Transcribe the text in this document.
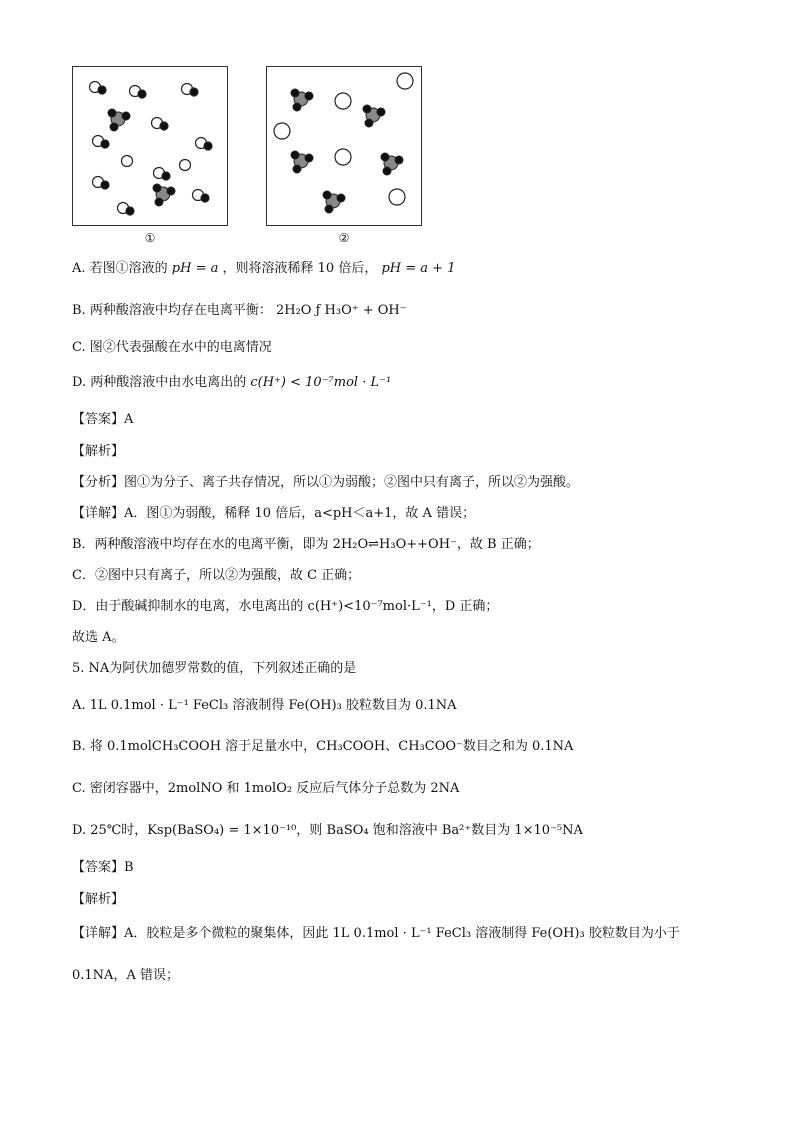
①	②
A. 若图①溶液的 pH = a ，则将溶液稀释 10 倍后， pH = a + 1
B. 两种酸溶液中均存在电离平衡： 2H₂O ƒ H₃O⁺ + OH⁻
C. 图②代表强酸在水中的电离情况
D. 两种酸溶液中由水电离出的 c(H⁺) < 10⁻⁷mol · L⁻¹
【答案】A
【解析】
【分析】图①为分子、离子共存情况，所以①为弱酸；②图中只有离子，所以②为强酸。
【详解】A．图①为弱酸，稀释 10 倍后，a<pH＜a+1，故 A 错误；
B．两种酸溶液中均存在水的电离平衡，即为 2H₂O⇌H₃O++OH⁻，故 B 正确；
C．②图中只有离子，所以②为强酸，故 C 正确；
D．由于酸碱抑制水的电离，水电离出的 c(H⁺)<10⁻⁷mol·L⁻¹，D 正确；
故选 A。
5. NA为阿伏加德罗常数的值，下列叙述正确的是
A. 1L 0.1mol · L⁻¹ FeCl₃ 溶液制得 Fe(OH)₃ 胶粒数目为 0.1NA
B. 将 0.1molCH₃COOH 溶于足量水中，CH₃COOH、CH₃COO⁻数目之和为 0.1NA
C. 密闭容器中，2molNO 和 1molO₂ 反应后气体分子总数为 2NA
D. 25℃时，Ksp(BaSO₄) = 1×10⁻¹⁰，则 BaSO₄ 饱和溶液中 Ba²⁺数目为 1×10⁻⁵NA
【答案】B
【解析】
【详解】A．胶粒是多个微粒的聚集体，因此 1L 0.1mol · L⁻¹ FeCl₃ 溶液制得 Fe(OH)₃ 胶粒数目为小于
0.1NA，A 错误；
